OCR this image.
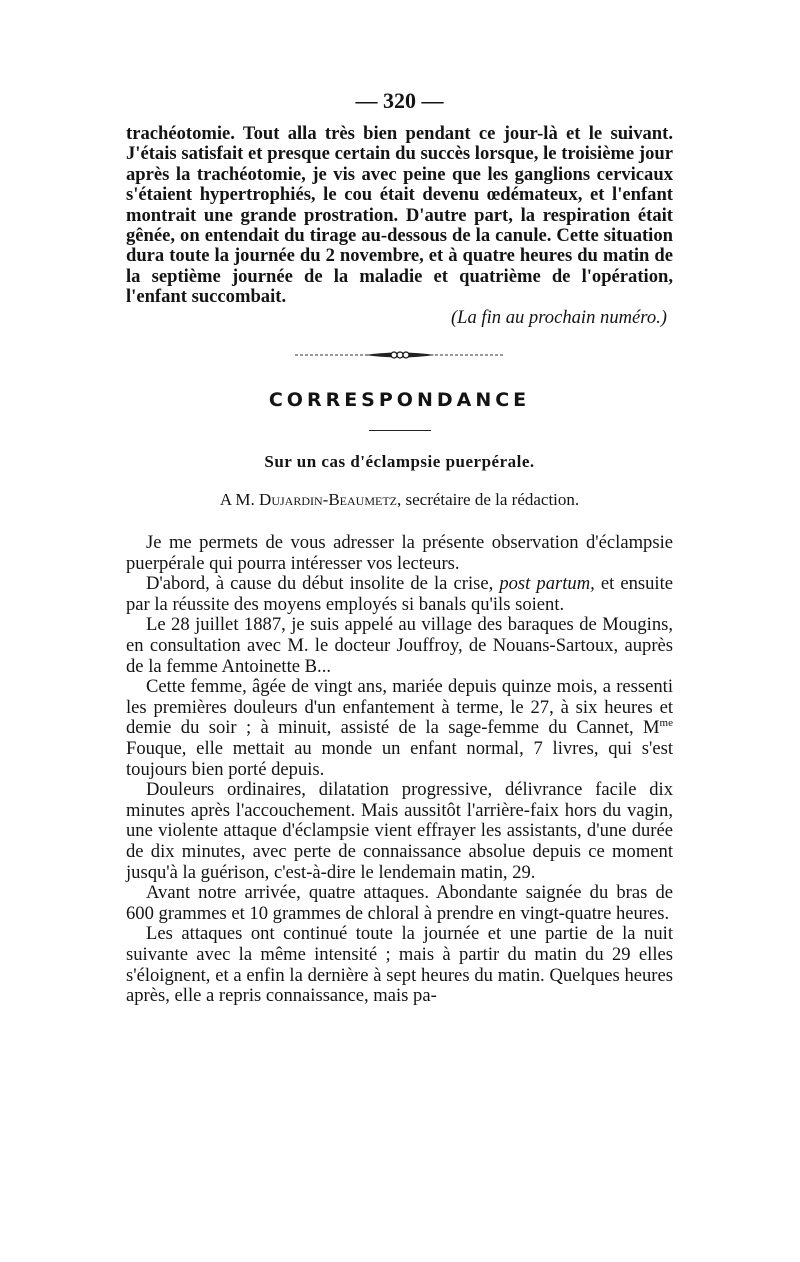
— 320 —

trachéotomie. Tout alla très bien pendant ce jour-là et le suivant. J'étais satisfait et presque certain du succès lorsque, le troisième jour après la trachéotomie, je vis avec peine que les ganglions cervicaux s'étaient hypertrophiés, le cou était devenu œdémateux, et l'enfant montrait une grande prostration. D'autre part, la respiration était gênée, on entendait du tirage au-dessous de la canule. Cette situation dura toute la journée du 2 novembre, et à quatre heures du matin de la septième journée de la maladie et quatrième de l'opération, l'enfant succombait.

(La fin au prochain numéro.)

CORRESPONDANCE
Sur un cas d'éclampsie puerpérale.
A M. Dujardin-Beaumetz, secrétaire de la rédaction.

Je me permets de vous adresser la présente observation d'éclampsie puerpérale qui pourra intéresser vos lecteurs.

D'abord, à cause du début insolite de la crise, post partum, et ensuite par la réussite des moyens employés si banals qu'ils soient.

Le 28 juillet 1887, je suis appelé au village des baraques de Mougins, en consultation avec M. le docteur Jouffroy, de Nouans-Sartoux, auprès de la femme Antoinette B...

Cette femme, âgée de vingt ans, mariée depuis quinze mois, a ressenti les premières douleurs d'un enfantement à terme, le 27, à six heures et demie du soir ; à minuit, assisté de la sage-femme du Cannet, $M^{me}$ Fouque, elle mettait au monde un enfant normal, 7 livres, qui s'est toujours bien porté depuis.

Douleurs ordinaires, dilatation progressive, délivrance facile dix minutes après l'accouchement. Mais aussitôt l'arrière-faix hors du vagin, une violente attaque d'éclampsie vient effrayer les assistants, d'une durée de dix minutes, avec perte de connaissance absolue depuis ce moment jusqu'à la guérison, c'est-à-dire le lendemain matin, 29.

Avant notre arrivée, quatre attaques. Abondante saignée du bras de 600 grammes et 10 grammes de chloral à prendre en vingt-quatre heures.

Les attaques ont continué toute la journée et une partie de la nuit suivante avec la même intensité ; mais à partir du matin du 29 elles s'éloignent, et a enfin la dernière à sept heures du matin. Quelques heures après, elle a repris connaissance, mais pa-
